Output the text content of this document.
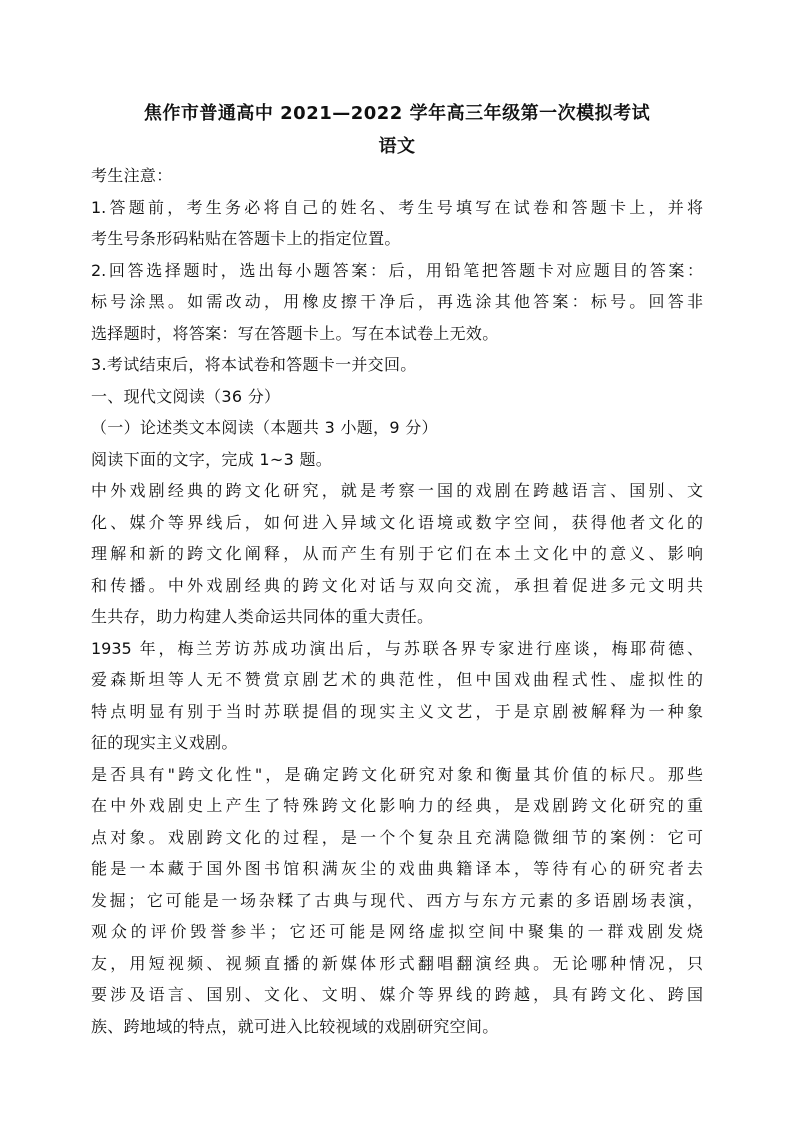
焦作市普通高中 2021—2022 学年高三年级第一次模拟考试
语文
考生注意：
1.答题前，考生务必将自己的姓名、考生号填写在试卷和答题卡上，并将
考生号条形码粘贴在答题卡上的指定位置。
2.回答选择题时，选出每小题答案：后，用铅笔把答题卡对应题目的答案：
标号涂黑。如需改动，用橡皮擦干净后，再选涂其他答案：标号。回答非
选择题时，将答案：写在答题卡上。写在本试卷上无效。
3.考试结束后，将本试卷和答题卡一并交回。
一、现代文阅读（36 分）
（一）论述类文本阅读（本题共 3 小题，9 分）
阅读下面的文字，完成 1~3 题。
中外戏剧经典的跨文化研究，就是考察一国的戏剧在跨越语言、国别、文
化、媒介等界线后，如何进入异域文化语境或数字空间，获得他者文化的
理解和新的跨文化阐释，从而产生有别于它们在本土文化中的意义、影响
和传播。中外戏剧经典的跨文化对话与双向交流，承担着促进多元文明共
生共存，助力构建人类命运共同体的重大责任。
1935 年，梅兰芳访苏成功演出后，与苏联各界专家进行座谈，梅耶荷德、
爱森斯坦等人无不赞赏京剧艺术的典范性，但中国戏曲程式性、虚拟性的
特点明显有别于当时苏联提倡的现实主义文艺，于是京剧被解释为一种象
征的现实主义戏剧。
是否具有"跨文化性"，是确定跨文化研究对象和衡量其价值的标尺。那些
在中外戏剧史上产生了特殊跨文化影响力的经典，是戏剧跨文化研究的重
点对象。戏剧跨文化的过程，是一个个复杂且充满隐微细节的案例：它可
能是一本藏于国外图书馆积满灰尘的戏曲典籍译本，等待有心的研究者去
发掘；它可能是一场杂糅了古典与现代、西方与东方元素的多语剧场表演，
观众的评价毁誉参半；它还可能是网络虚拟空间中聚集的一群戏剧发烧
友，用短视频、视频直播的新媒体形式翻唱翻演经典。无论哪种情况，只
要涉及语言、国别、文化、文明、媒介等界线的跨越，具有跨文化、跨国
族、跨地域的特点，就可进入比较视域的戏剧研究空间。
